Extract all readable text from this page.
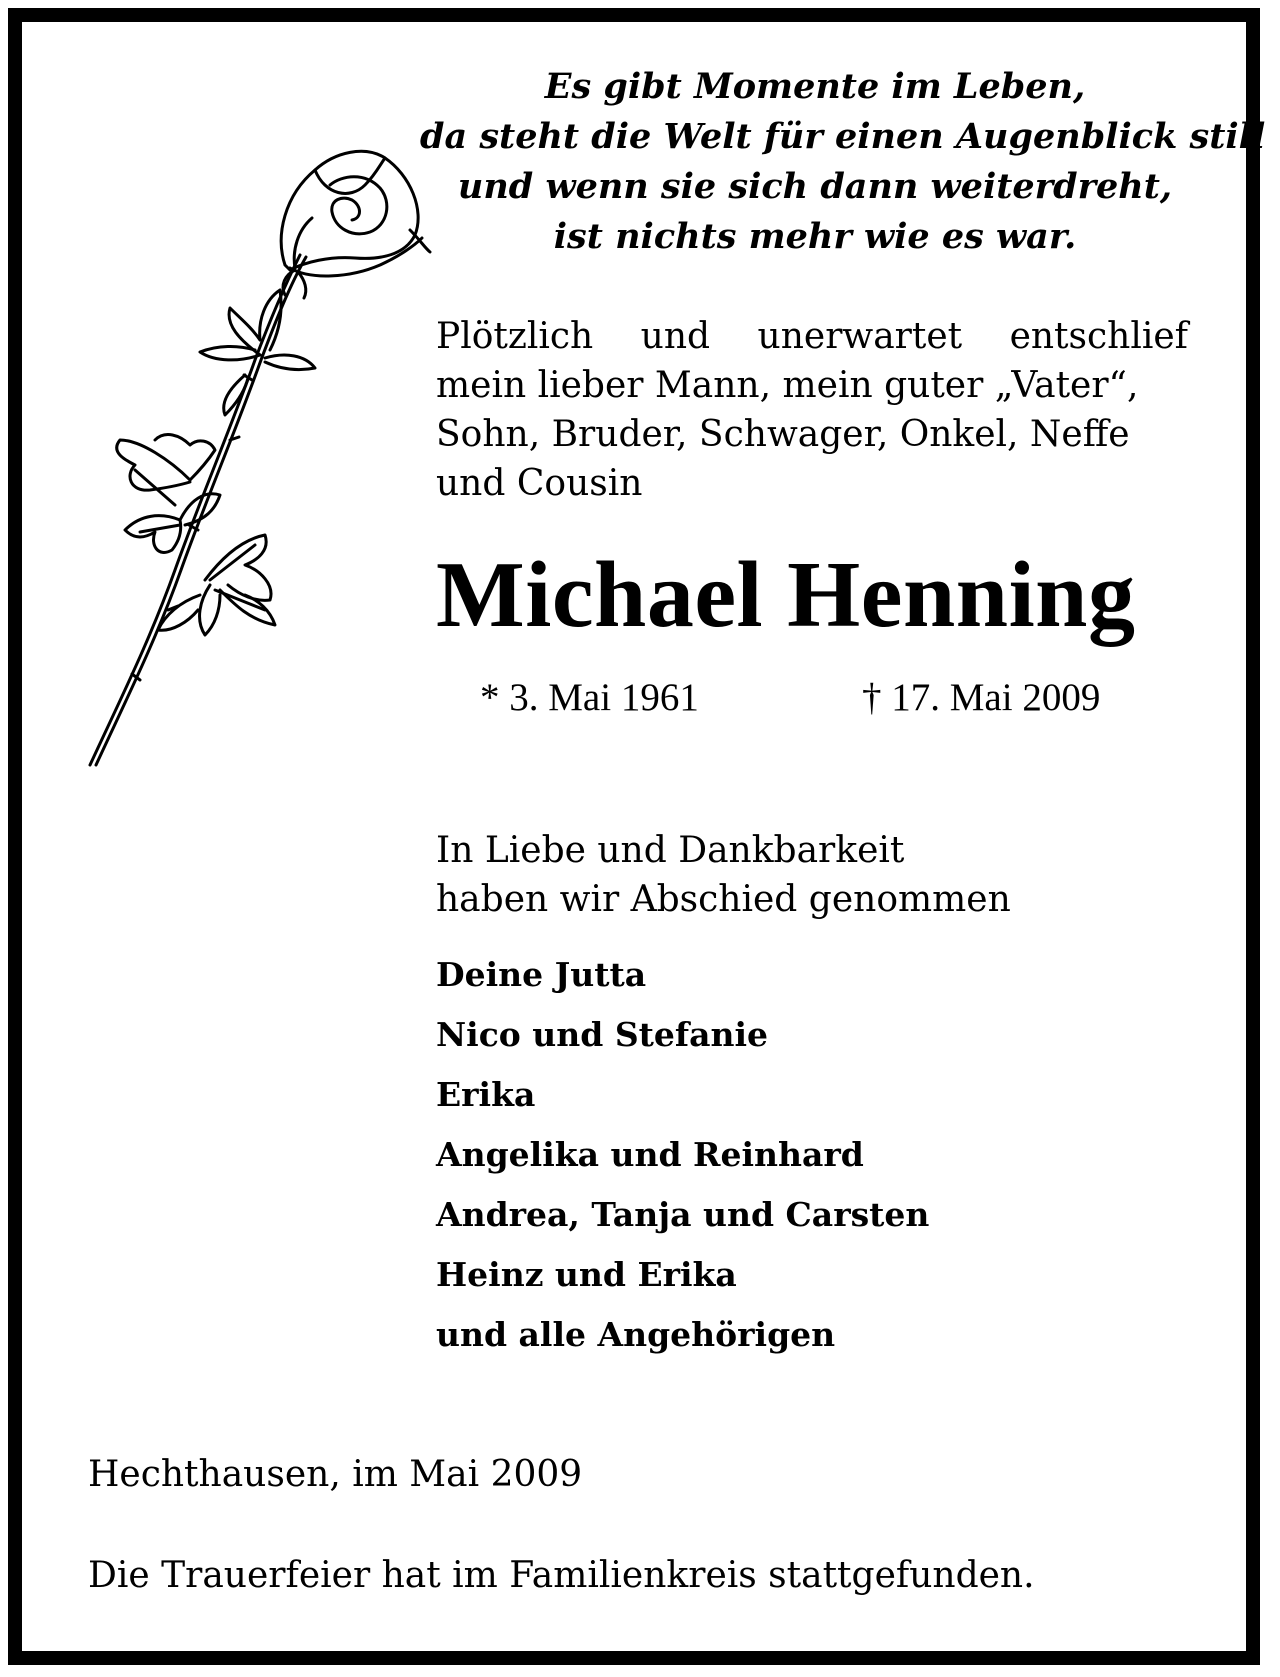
Es gibt Momente im Leben,
da steht die Welt für einen Augenblick still
und wenn sie sich dann weiterdreht,
ist nichts mehr wie es war.
Plötzlich und unerwartet entschlief
mein lieber Mann, mein guter „Vater“,
Sohn, Bruder, Schwager, Onkel, Neffe
und Cousin
Michael Henning
* 3. Mai 1961	† 17. Mai 2009
In Liebe und Dankbarkeit
haben wir Abschied genommen
Deine Jutta
Nico und Stefanie
Erika
Angelika und Reinhard
Andrea, Tanja und Carsten
Heinz und Erika
und alle Angehörigen
Hechthausen, im Mai 2009
Die Trauerfeier hat im Familienkreis stattgefunden.
